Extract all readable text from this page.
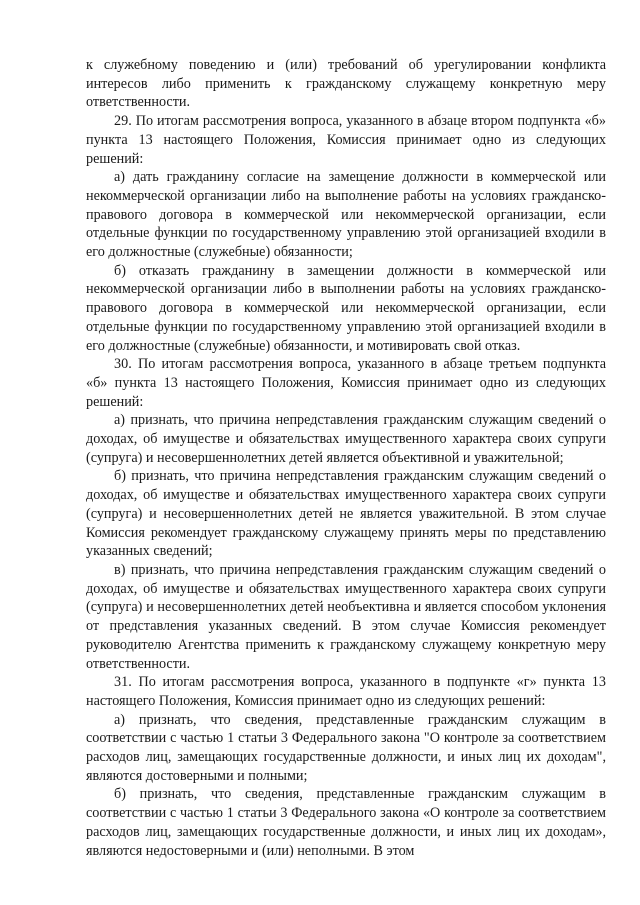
к служебному поведению и (или) требований об урегулировании конфликта интересов либо применить к гражданскому служащему конкретную меру ответственности.

29. По итогам рассмотрения вопроса, указанного в абзаце втором подпункта «б» пункта 13 настоящего Положения, Комиссия принимает одно из следующих решений:

а) дать гражданину согласие на замещение должности в коммерческой или некоммерческой организации либо на выполнение работы на условиях гражданско-правового договора в коммерческой или некоммерческой организации, если отдельные функции по государственному управлению этой организацией входили в его должностные (служебные) обязанности;

б) отказать гражданину в замещении должности в коммерческой или некоммерческой организации либо в выполнении работы на условиях гражданско-правового договора в коммерческой или некоммерческой организации, если отдельные функции по государственному управлению этой организацией входили в его должностные (служебные) обязанности, и мотивировать свой отказ.

30. По итогам рассмотрения вопроса, указанного в абзаце третьем подпункта «б» пункта 13 настоящего Положения, Комиссия принимает одно из следующих решений:

а) признать, что причина непредставления гражданским служащим сведений о доходах, об имуществе и обязательствах имущественного характера своих супруги (супруга) и несовершеннолетних детей является объективной и уважительной;

б) признать, что причина непредставления гражданским служащим сведений о доходах, об имуществе и обязательствах имущественного характера своих супруги (супруга) и несовершеннолетних детей не является уважительной. В этом случае Комиссия рекомендует гражданскому служащему принять меры по представлению указанных сведений;

в) признать, что причина непредставления гражданским служащим сведений о доходах, об имуществе и обязательствах имущественного характера своих супруги (супруга) и несовершеннолетних детей необъективна и является способом уклонения от представления указанных сведений. В этом случае Комиссия рекомендует руководителю Агентства применить к гражданскому служащему конкретную меру ответственности.

31. По итогам рассмотрения вопроса, указанного в подпункте «г» пункта 13 настоящего Положения, Комиссия принимает одно из следующих решений:

а) признать, что сведения, представленные гражданским служащим в соответствии с частью 1 статьи 3 Федерального закона "О контроле за соответствием расходов лиц, замещающих государственные должности, и иных лиц их доходам", являются достоверными и полными;

б) признать, что сведения, представленные гражданским служащим в соответствии с частью 1 статьи 3 Федерального закона «О контроле за соответствием расходов лиц, замещающих государственные должности, и иных лиц их доходам», являются недостоверными и (или) неполными. В этом
